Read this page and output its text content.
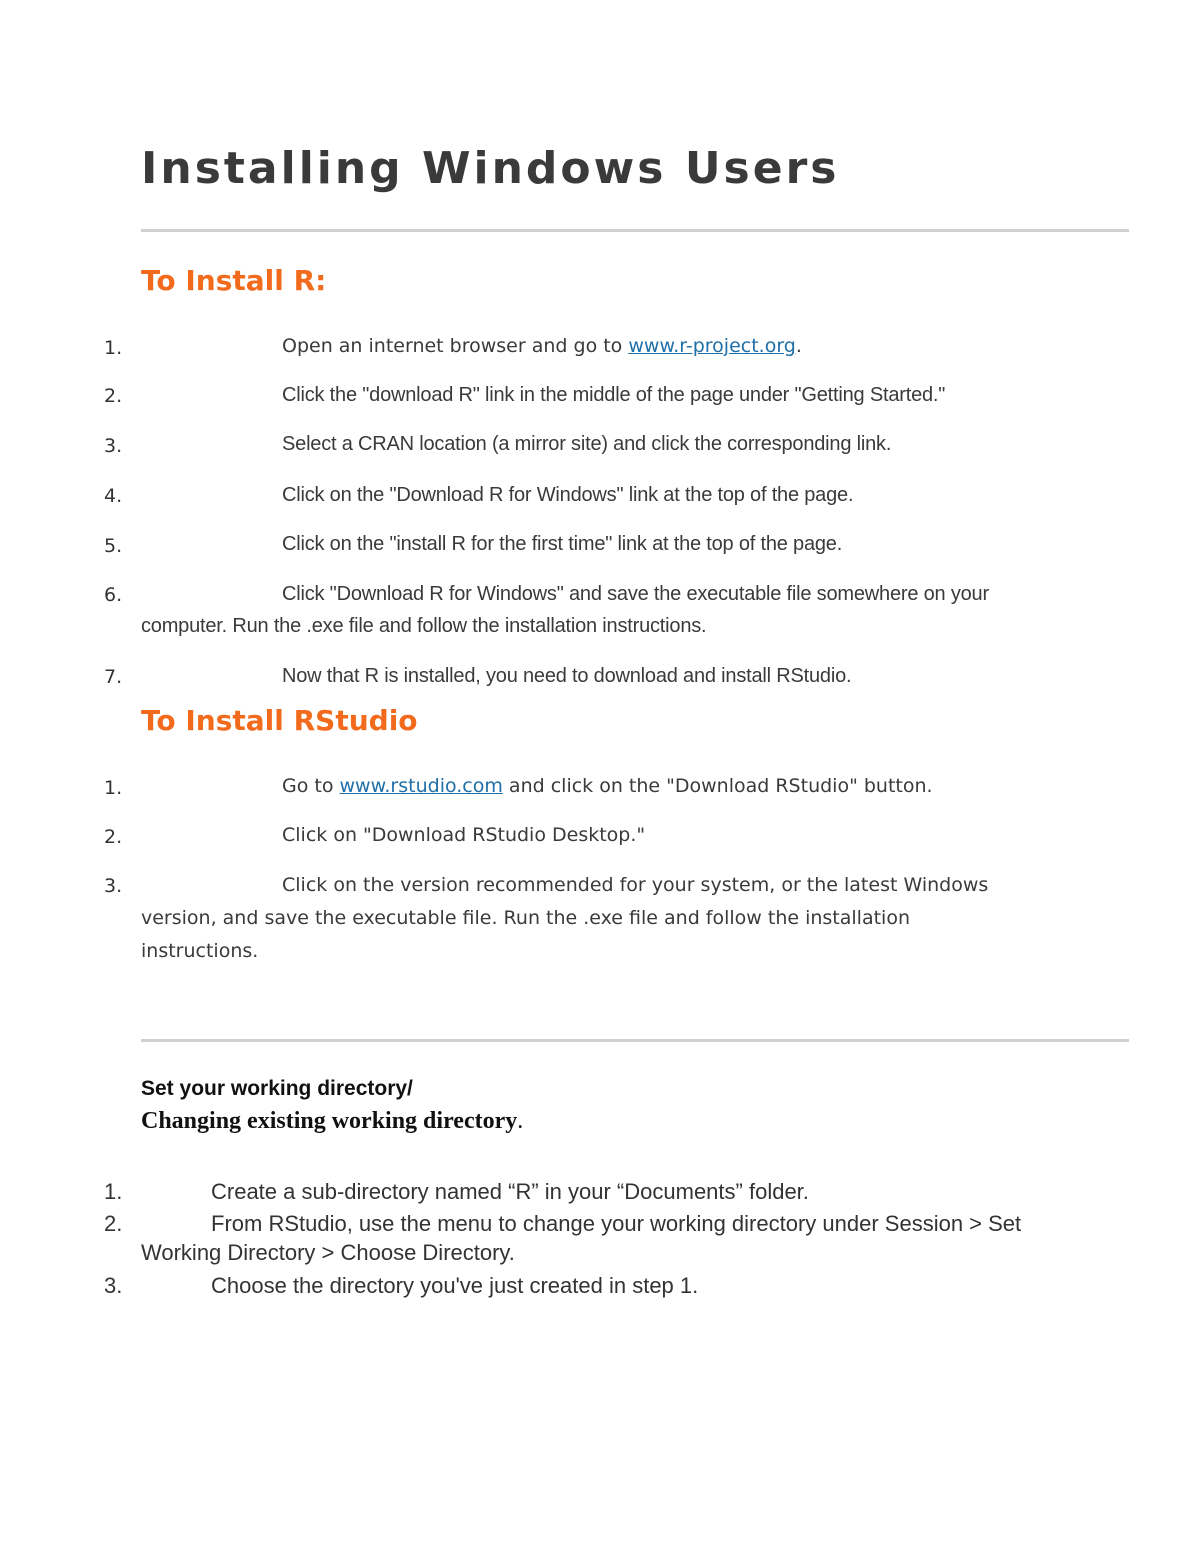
Installing Windows Users
To Install R:
1.	Open an internet browser and go to www.r-project.org.
2.	Click the "download R" link in the middle of the page under "Getting Started."
3.	Select a CRAN location (a mirror site) and click the corresponding link.
4.	Click on the "Download R for Windows" link at the top of the page.
5.	Click on the "install R for the first time" link at the top of the page.
6.	Click "Download R for Windows" and save the executable file somewhere on your
computer. Run the .exe file and follow the installation instructions.
7.	Now that R is installed, you need to download and install RStudio.
To Install RStudio
1.	Go to www.rstudio.com and click on the "Download RStudio" button.
2.	Click on "Download RStudio Desktop."
3.	Click on the version recommended for your system, or the latest Windows
version, and save the executable file. Run the .exe file and follow the installation
instructions.
Set your working directory/
Changing existing working directory.
1.	Create a sub-directory named “R” in your “Documents” folder.
2.	From RStudio, use the menu to change your working directory under Session > Set
Working Directory > Choose Directory.
3.	Choose the directory you've just created in step 1.
